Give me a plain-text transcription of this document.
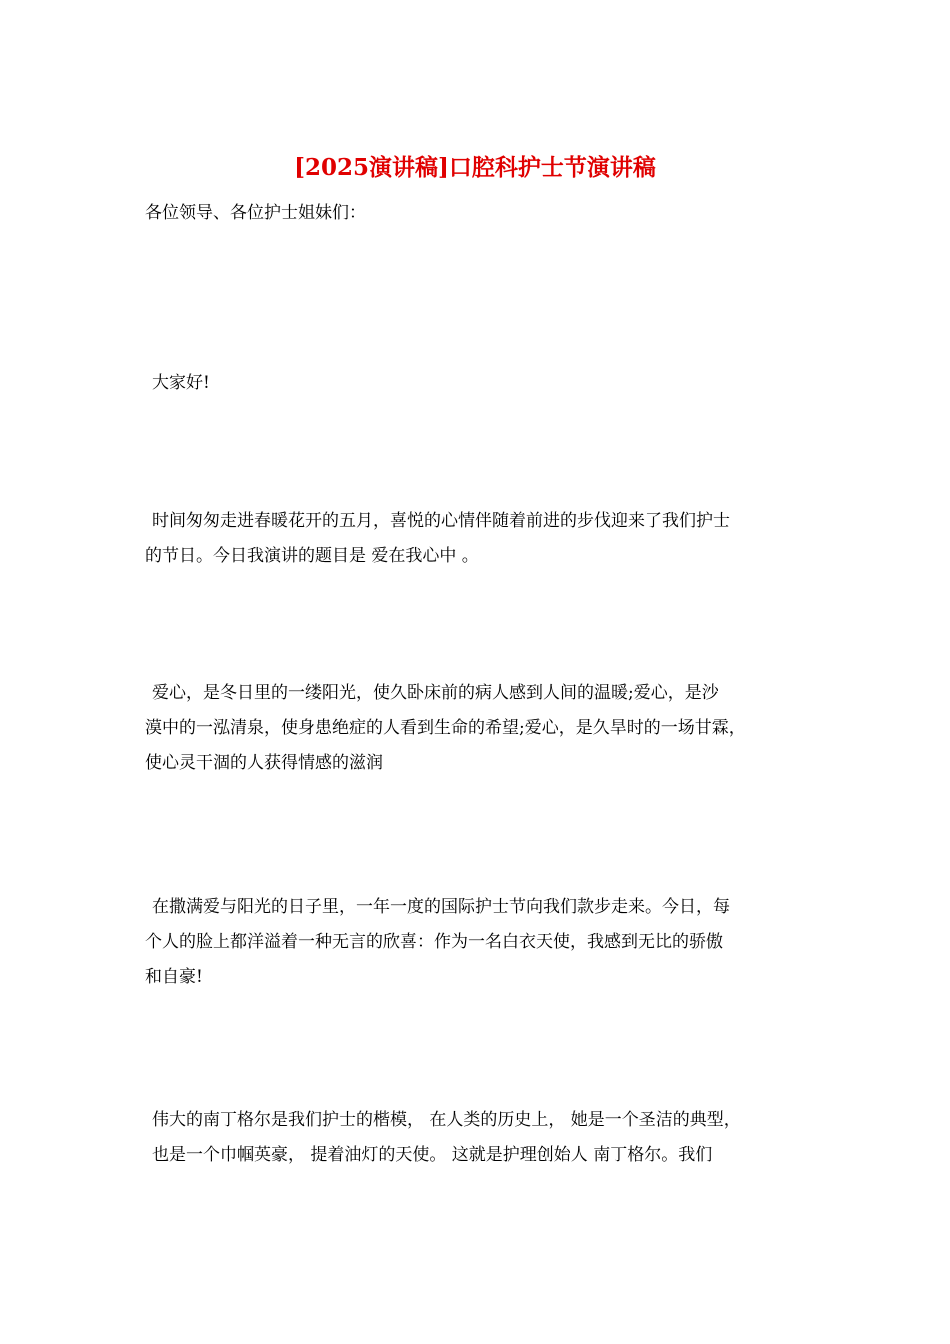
[2025演讲稿]口腔科护士节演讲稿

各位领导、各位护士姐妹们：

大家好!

时间匆匆走进春暖花开的五月，喜悦的心情伴随着前进的步伐迎来了我们护士
的节日。今日我演讲的题目是 爱在我心中 。

爱心，是冬日里的一缕阳光，使久卧床前的病人感到人间的温暖;爱心，是沙
漠中的一泓清泉，使身患绝症的人看到生命的希望;爱心，是久旱时的一场甘霖，
使心灵干涸的人获得情感的滋润

在撒满爱与阳光的日子里，一年一度的国际护士节向我们款步走来。今日，每
个人的脸上都洋溢着一种无言的欣喜：作为一名白衣天使，我感到无比的骄傲
和自豪!

伟大的南丁格尔是我们护士的楷模， 在人类的历史上， 她是一个圣洁的典型，
也是一个巾帼英豪， 提着油灯的天使。 这就是护理创始人 南丁格尔。我们
